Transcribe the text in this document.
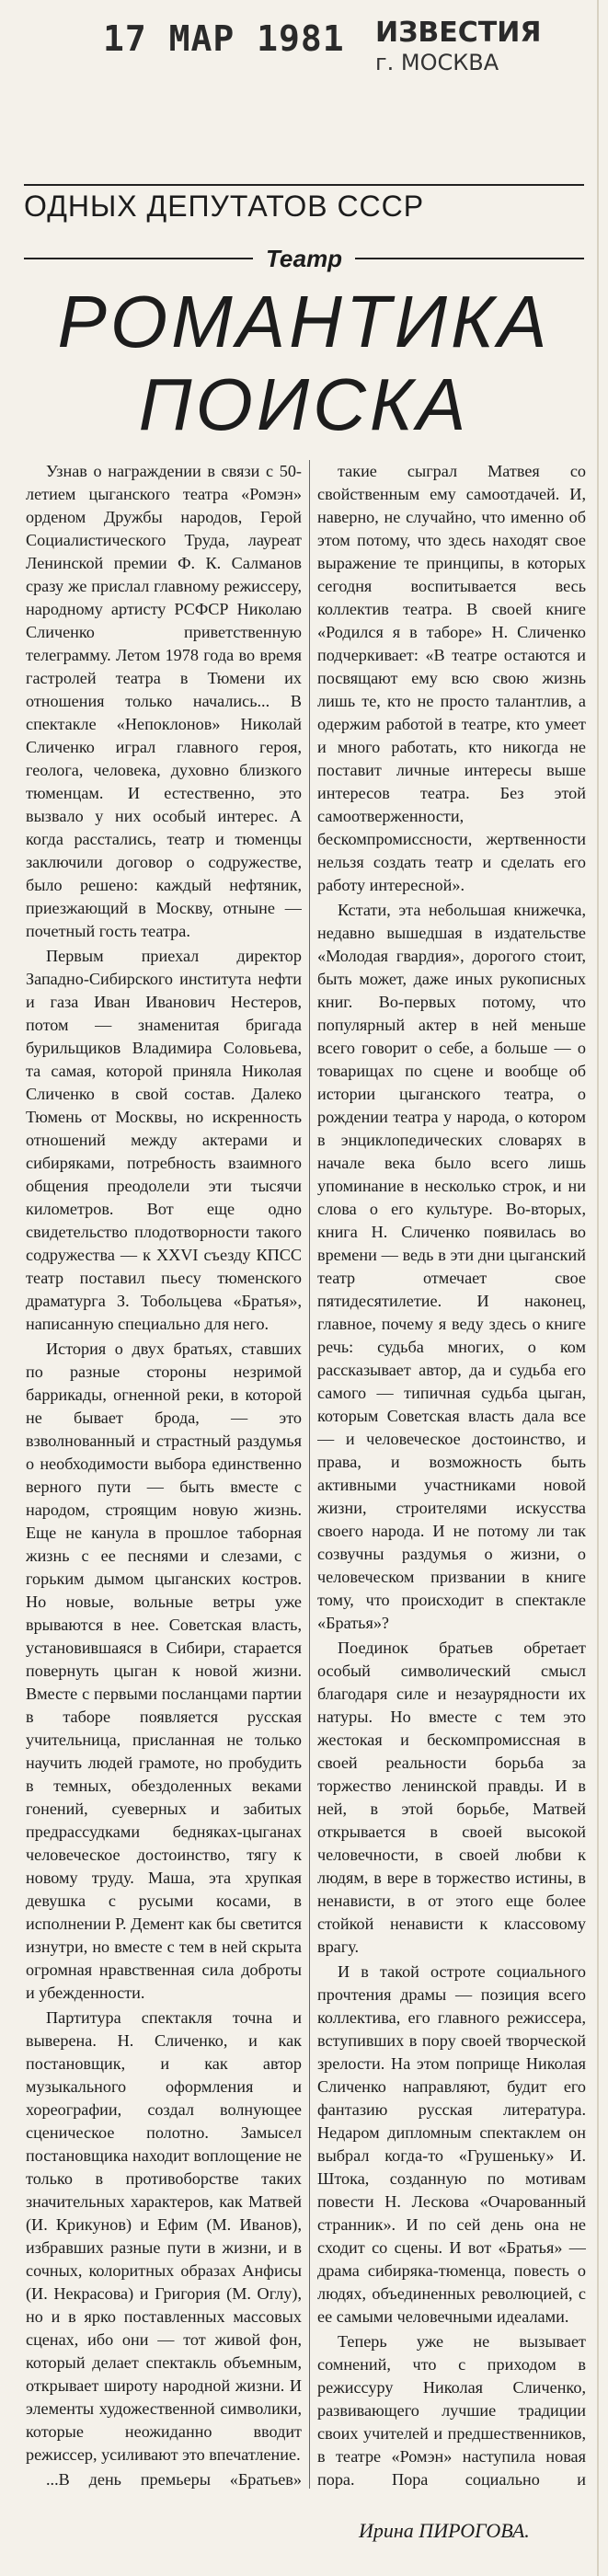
17 МАР 1981 ИЗВЕСТИЯ
г. МОСКВА
ОДНЫХ ДЕПУТАТОВ СССР
Театр
РОМАНТИКА
ПОИСКА

Узнав о награждении в связи с 50-летием цыганского театра «Ромэн» орденом Дружбы народов, Герой Социалистического Труда, лауреат Ленинской премии Ф. К. Салманов сразу же прислал главному режиссеру, народному артисту РСФСР Николаю Сличенко приветственную телеграмму. Летом 1978 года во время гастролей театра в Тюмени их отношения только начались... В спектакле «Непоклонов» Николай Сличенко играл главного героя, геолога, человека, духовно близкого тюменцам. И естественно, это вызвало у них особый интерес. А когда расстались, театр и тюменцы заключили договор о содружестве, было решено: каждый нефтяник, приезжающий в Москву, отныне — почетный гость театра.

Первым приехал директор Западно-Сибирского института нефти и газа Иван Иванович Нестеров, потом — знаменитая бригада бурильщиков Владимира Соловьева, та самая, которой приняла Николая Сличенко в свой состав. Далеко Тюмень от Москвы, но искренность отношений между актерами и сибиряками, потребность взаимного общения преодолели эти тысячи километров. Вот еще одно свидетельство плодотворности такого содружества — к XXVI съезду КПСС театр поставил пьесу тюменского драматурга З. Тобольцева «Братья», написанную специально для него.

История о двух братьях, ставших по разные стороны незримой баррикады, огненной реки, в которой не бывает брода, — это взволнованный и страстный раздумья о необходимости выбора единственно верного пути — быть вместе с народом, строящим новую жизнь. Еще не канула в прошлое таборная жизнь с ее песнями и слезами, с горьким дымом цыганских костров. Но новые, вольные ветры уже врываются в нее. Советская власть, установившаяся в Сибири, старается повернуть цыган к новой жизни. Вместе с первыми посланцами партии в таборе появляется русская учительница, присланная не только научить людей грамоте, но пробудить в темных, обездоленных веками гонений, суеверных и забитых предрассудками бедняках-цыганах человеческое достоинство, тягу к новому труду. Маша, эта хрупкая девушка с русыми косами, в исполнении Р. Демент как бы светится изнутри, но вместе с тем в ней скрыта огромная нравственная сила доброты и убежденности.

Партитура спектакля точна и выверена. Н. Сличенко, и как постановщик, и как автор музыкального оформления и хореографии, создал волнующее сценическое полотно. Замысел постановщика находит воплощение не только в противоборстве таких значительных характеров, как Матвей (И. Крикунов) и Ефим (М. Иванов), избравших разные пути в жизни, и в сочных, колоритных образах Анфисы (И. Некрасова) и Григория (М. Оглу), но и в ярко поставленных массовых сценах, ибо они — тот живой фон, который делает спектакль объемным, открывает широту народной жизни. И элементы художественной символики, которые неожиданно вводит режиссер, усиливают это впечатление.

...В день премьеры «Братьев»

такие сыграл Матвея со свойственным ему самоотдачей. И, наверно, не случайно, что именно об этом потому, что здесь находят свое выражение те принципы, в которых сегодня воспитывается весь коллектив театра. В своей книге «Родился я в таборе» Н. Сличенко подчеркивает: «В театре остаются и посвящают ему всю свою жизнь лишь те, кто не просто талантлив, а одержим работой в театре, кто умеет и много работать, кто никогда не поставит личные интересы выше интересов театра. Без этой самоотверженности, бескомпромиссности, жертвенности нельзя создать театр и сделать его работу интересной».

Кстати, эта небольшая книжечка, недавно вышедшая в издательстве «Молодая гвардия», дорогого стоит, быть может, даже иных рукописных книг. Во-первых потому, что популярный актер в ней меньше всего говорит о себе, а больше — о товарищах по сцене и вообще об истории цыганского театра, о рождении театра у народа, о котором в энциклопедических словарях в начале века было всего лишь упоминание в несколько строк, и ни слова о его культуре. Во-вторых, книга Н. Сличенко появилась во времени — ведь в эти дни цыганский театр отмечает свое пятидесятилетие. И наконец, главное, почему я веду здесь о книге речь: судьба многих, о ком рассказывает автор, да и судьба его самого — типичная судьба цыган, которым Советская власть дала все — и человеческое достоинство, и права, и возможность быть активными участниками новой жизни, строителями искусства своего народа. И не потому ли так созвучны раздумья о жизни, о человеческом призвании в книге тому, что происходит в спектакле «Братья»?

Поединок братьев обретает особый символический смысл благодаря силе и незаурядности их натуры. Но вместе с тем это жестокая и бескомпромиссная в своей реальности борьба за торжество ленинской правды. И в ней, в этой борьбе, Матвей открывается в своей высокой человечности, в своей любви к людям, в вере в торжество истины, в ненависти, в от этого еще более стойкой ненависти к классовому врагу.

И в такой остроте социального прочтения драмы — позиция всего коллектива, его главного режиссера, вступивших в пору своей творческой зрелости. На этом поприще Николая Сличенко направляют, будит его фантазию русская литература. Недаром дипломным спектаклем он выбрал когда-то «Грушеньку» И. Штока, созданную по мотивам повести Н. Лескова «Очарованный странник». И по сей день она не сходит со сцены. И вот «Братья» — драма сибиряка-тюменца, повесть о людях, объединенных революцией, с ее самыми человечными идеалами.

Теперь уже не вызывает сомнений, что с приходом в режиссуру Николая Сличенко, развивающего лучшие традиции своих учителей и предшественников, в театре «Ромэн» наступила новая пора. Пора социально и

Ирина ПИРОГОВА.
